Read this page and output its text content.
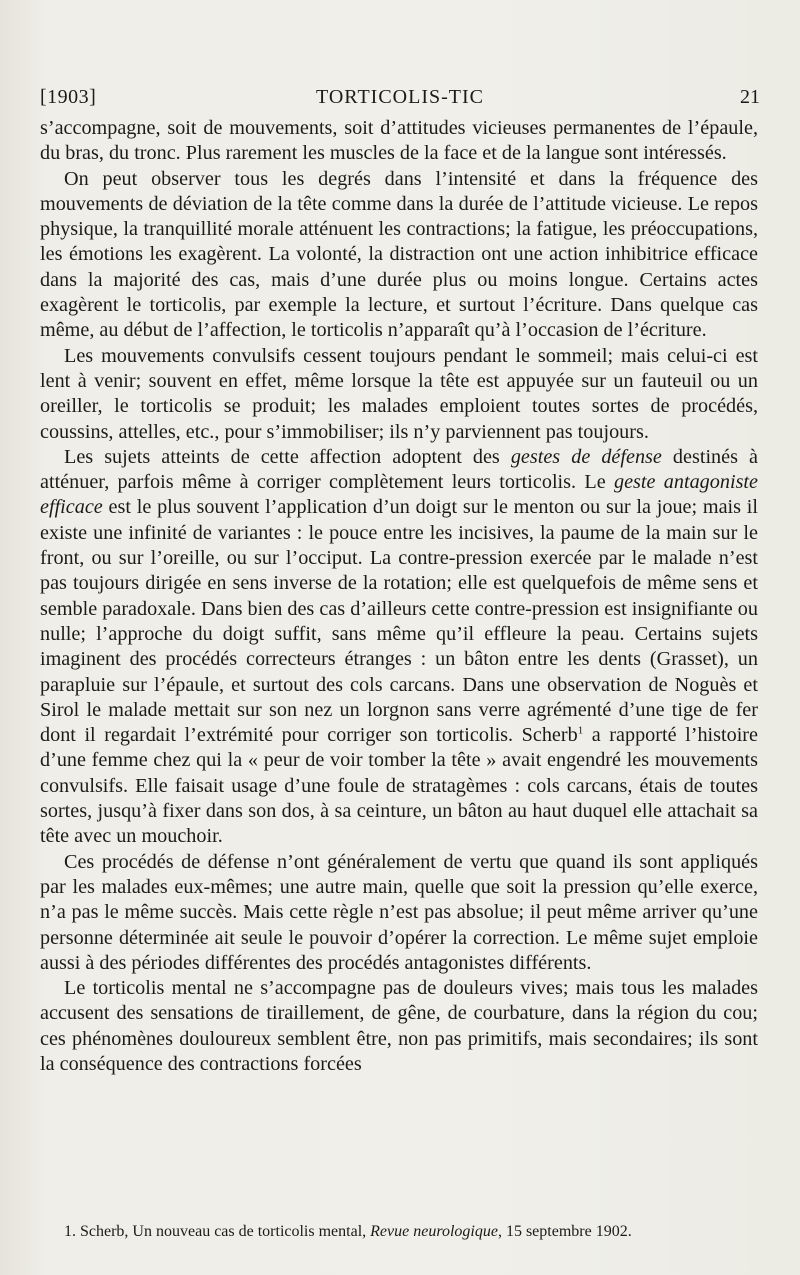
[1903]	TORTICOLIS-TIC	21

s’accompagne, soit de mouvements, soit d’attitudes vicieuses permanentes de l’épaule, du bras, du tronc. Plus rarement les muscles de la face et de la langue sont intéressés.

On peut observer tous les degrés dans l’intensité et dans la fréquence des mouvements de déviation de la tête comme dans la durée de l’attitude vicieuse. Le repos physique, la tranquillité morale atténuent les contractions; la fatigue, les préoccupations, les émotions les exagèrent. La volonté, la distraction ont une action inhibitrice efficace dans la majorité des cas, mais d’une durée plus ou moins longue. Certains actes exagèrent le torticolis, par exemple la lecture, et surtout l’écriture. Dans quelque cas même, au début de l’affection, le torticolis n’apparaît qu’à l’occasion de l’écriture.

Les mouvements convulsifs cessent toujours pendant le sommeil; mais celui-ci est lent à venir; souvent en effet, même lorsque la tête est appuyée sur un fauteuil ou un oreiller, le torticolis se produit; les malades emploient toutes sortes de procédés, coussins, attelles, etc., pour s’immobiliser; ils n’y parviennent pas toujours.

Les sujets atteints de cette affection adoptent des gestes de défense destinés à atténuer, parfois même à corriger complètement leurs torticolis. Le geste antagoniste efficace est le plus souvent l’application d’un doigt sur le menton ou sur la joue; mais il existe une infinité de variantes : le pouce entre les incisives, la paume de la main sur le front, ou sur l’oreille, ou sur l’occiput. La contre-pression exercée par le malade n’est pas toujours dirigée en sens inverse de la rotation; elle est quelquefois de même sens et semble paradoxale. Dans bien des cas d’ailleurs cette contre-pression est insignifiante ou nulle; l’approche du doigt suffit, sans même qu’il effleure la peau. Certains sujets imaginent des procédés correcteurs étranges : un bâton entre les dents (Grasset), un parapluie sur l’épaule, et surtout des cols carcans. Dans une observation de Noguès et Sirol le malade mettait sur son nez un lorgnon sans verre agrémenté d’une tige de fer dont il regardait l’extrémité pour corriger son torticolis. Scherb$^1$ a rapporté l’histoire d’une femme chez qui la « peur de voir tomber la tête » avait engendré les mouvements convulsifs. Elle faisait usage d’une foule de stratagèmes : cols carcans, étais de toutes sortes, jusqu’à fixer dans son dos, à sa ceinture, un bâton au haut duquel elle attachait sa tête avec un mouchoir.

Ces procédés de défense n’ont généralement de vertu que quand ils sont appliqués par les malades eux-mêmes; une autre main, quelle que soit la pression qu’elle exerce, n’a pas le même succès. Mais cette règle n’est pas absolue; il peut même arriver qu’une personne déterminée ait seule le pouvoir d’opérer la correction. Le même sujet emploie aussi à des périodes différentes des procédés antagonistes différents.

Le torticolis mental ne s’accompagne pas de douleurs vives; mais tous les malades accusent des sensations de tiraillement, de gêne, de courbature, dans la région du cou; ces phénomènes douloureux semblent être, non pas primitifs, mais secondaires; ils sont la conséquence des contractions forcées

1. Scherb, Un nouveau cas de torticolis mental, Revue neurologique, 15 septembre 1902.
